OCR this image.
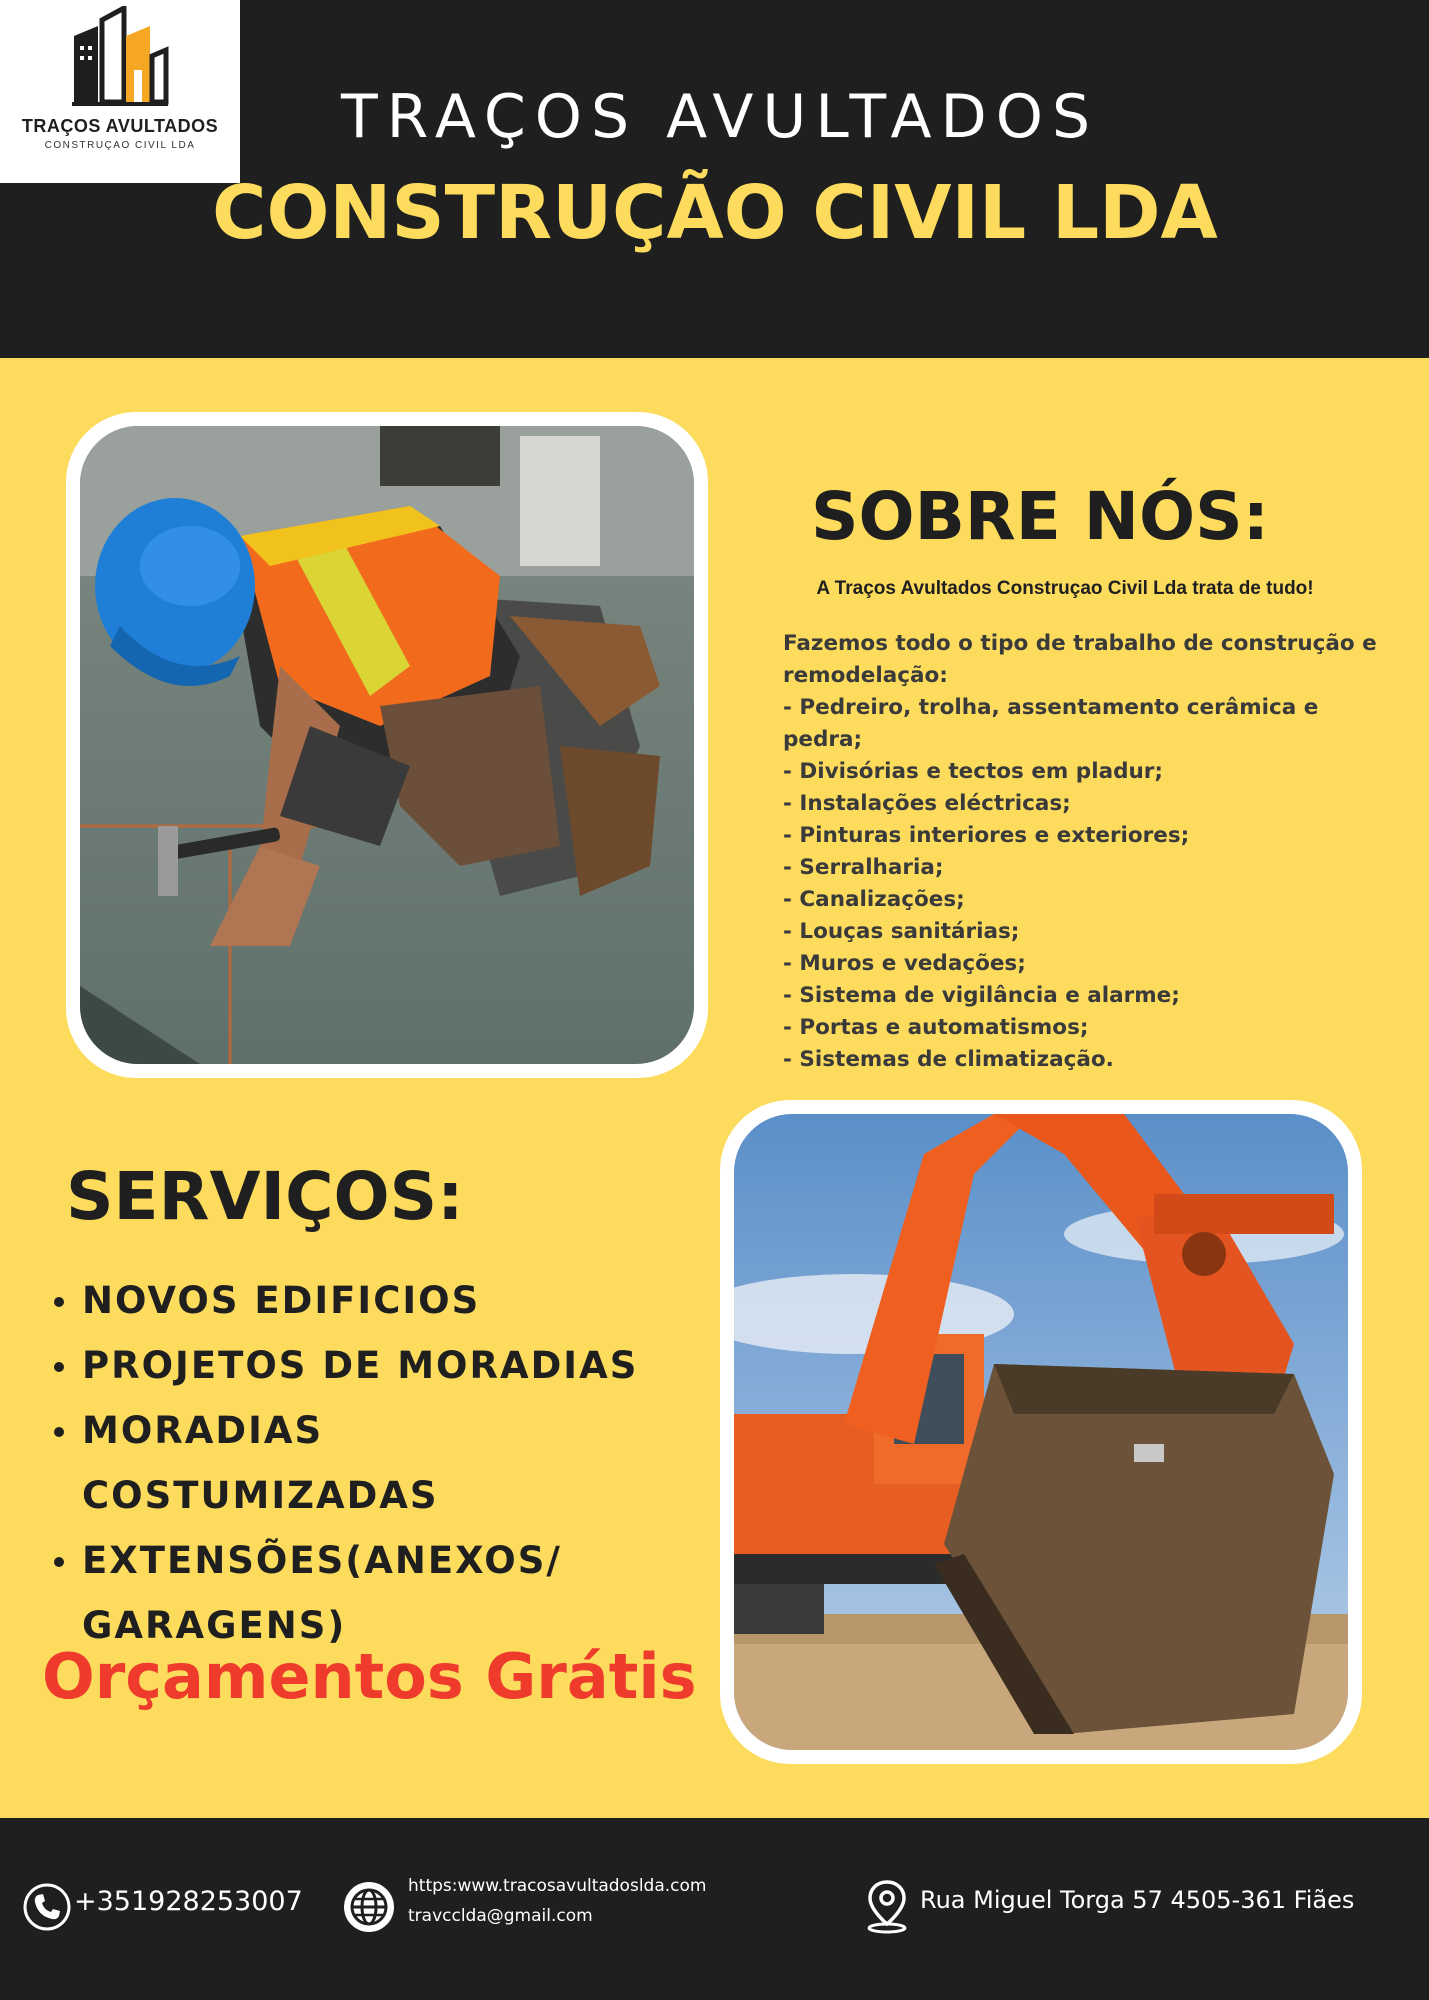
TRAÇOS AVULTADOS
CONSTRUÇAO CIVIL LDA	TRAÇOS AVULTADOS
CONSTRUÇÃO CIVIL LDA
SOBRE NÓS:
A Traços Avultados Construçao Civil Lda trata de tudo!
Fazemos todo o tipo de trabalho de construção e remodelação:
- Pedreiro, trolha, assentamento cerâmica e pedra;
- Divisórias e tectos em pladur;
- Instalações eléctricas;
- Pinturas interiores e exteriores;
- Serralharia;
- Canalizações;
- Louças sanitárias;
- Muros e vedações;
- Sistema de vigilância e alarme;
- Portas e automatismos;
- Sistemas de climatização.
SERVIÇOS:
NOVOS EDIFICIOS
PROJETOS DE MORADIAS
MORADIAS COSTUMIZADAS
EXTENSÕES(ANEXOS/ GARAGENS)
Orçamentos Grátis
+351928253007	https:www.tracosavultadoslda.com
travcclda@gmail.com
Rua Miguel Torga 57 4505-361 Fiães
